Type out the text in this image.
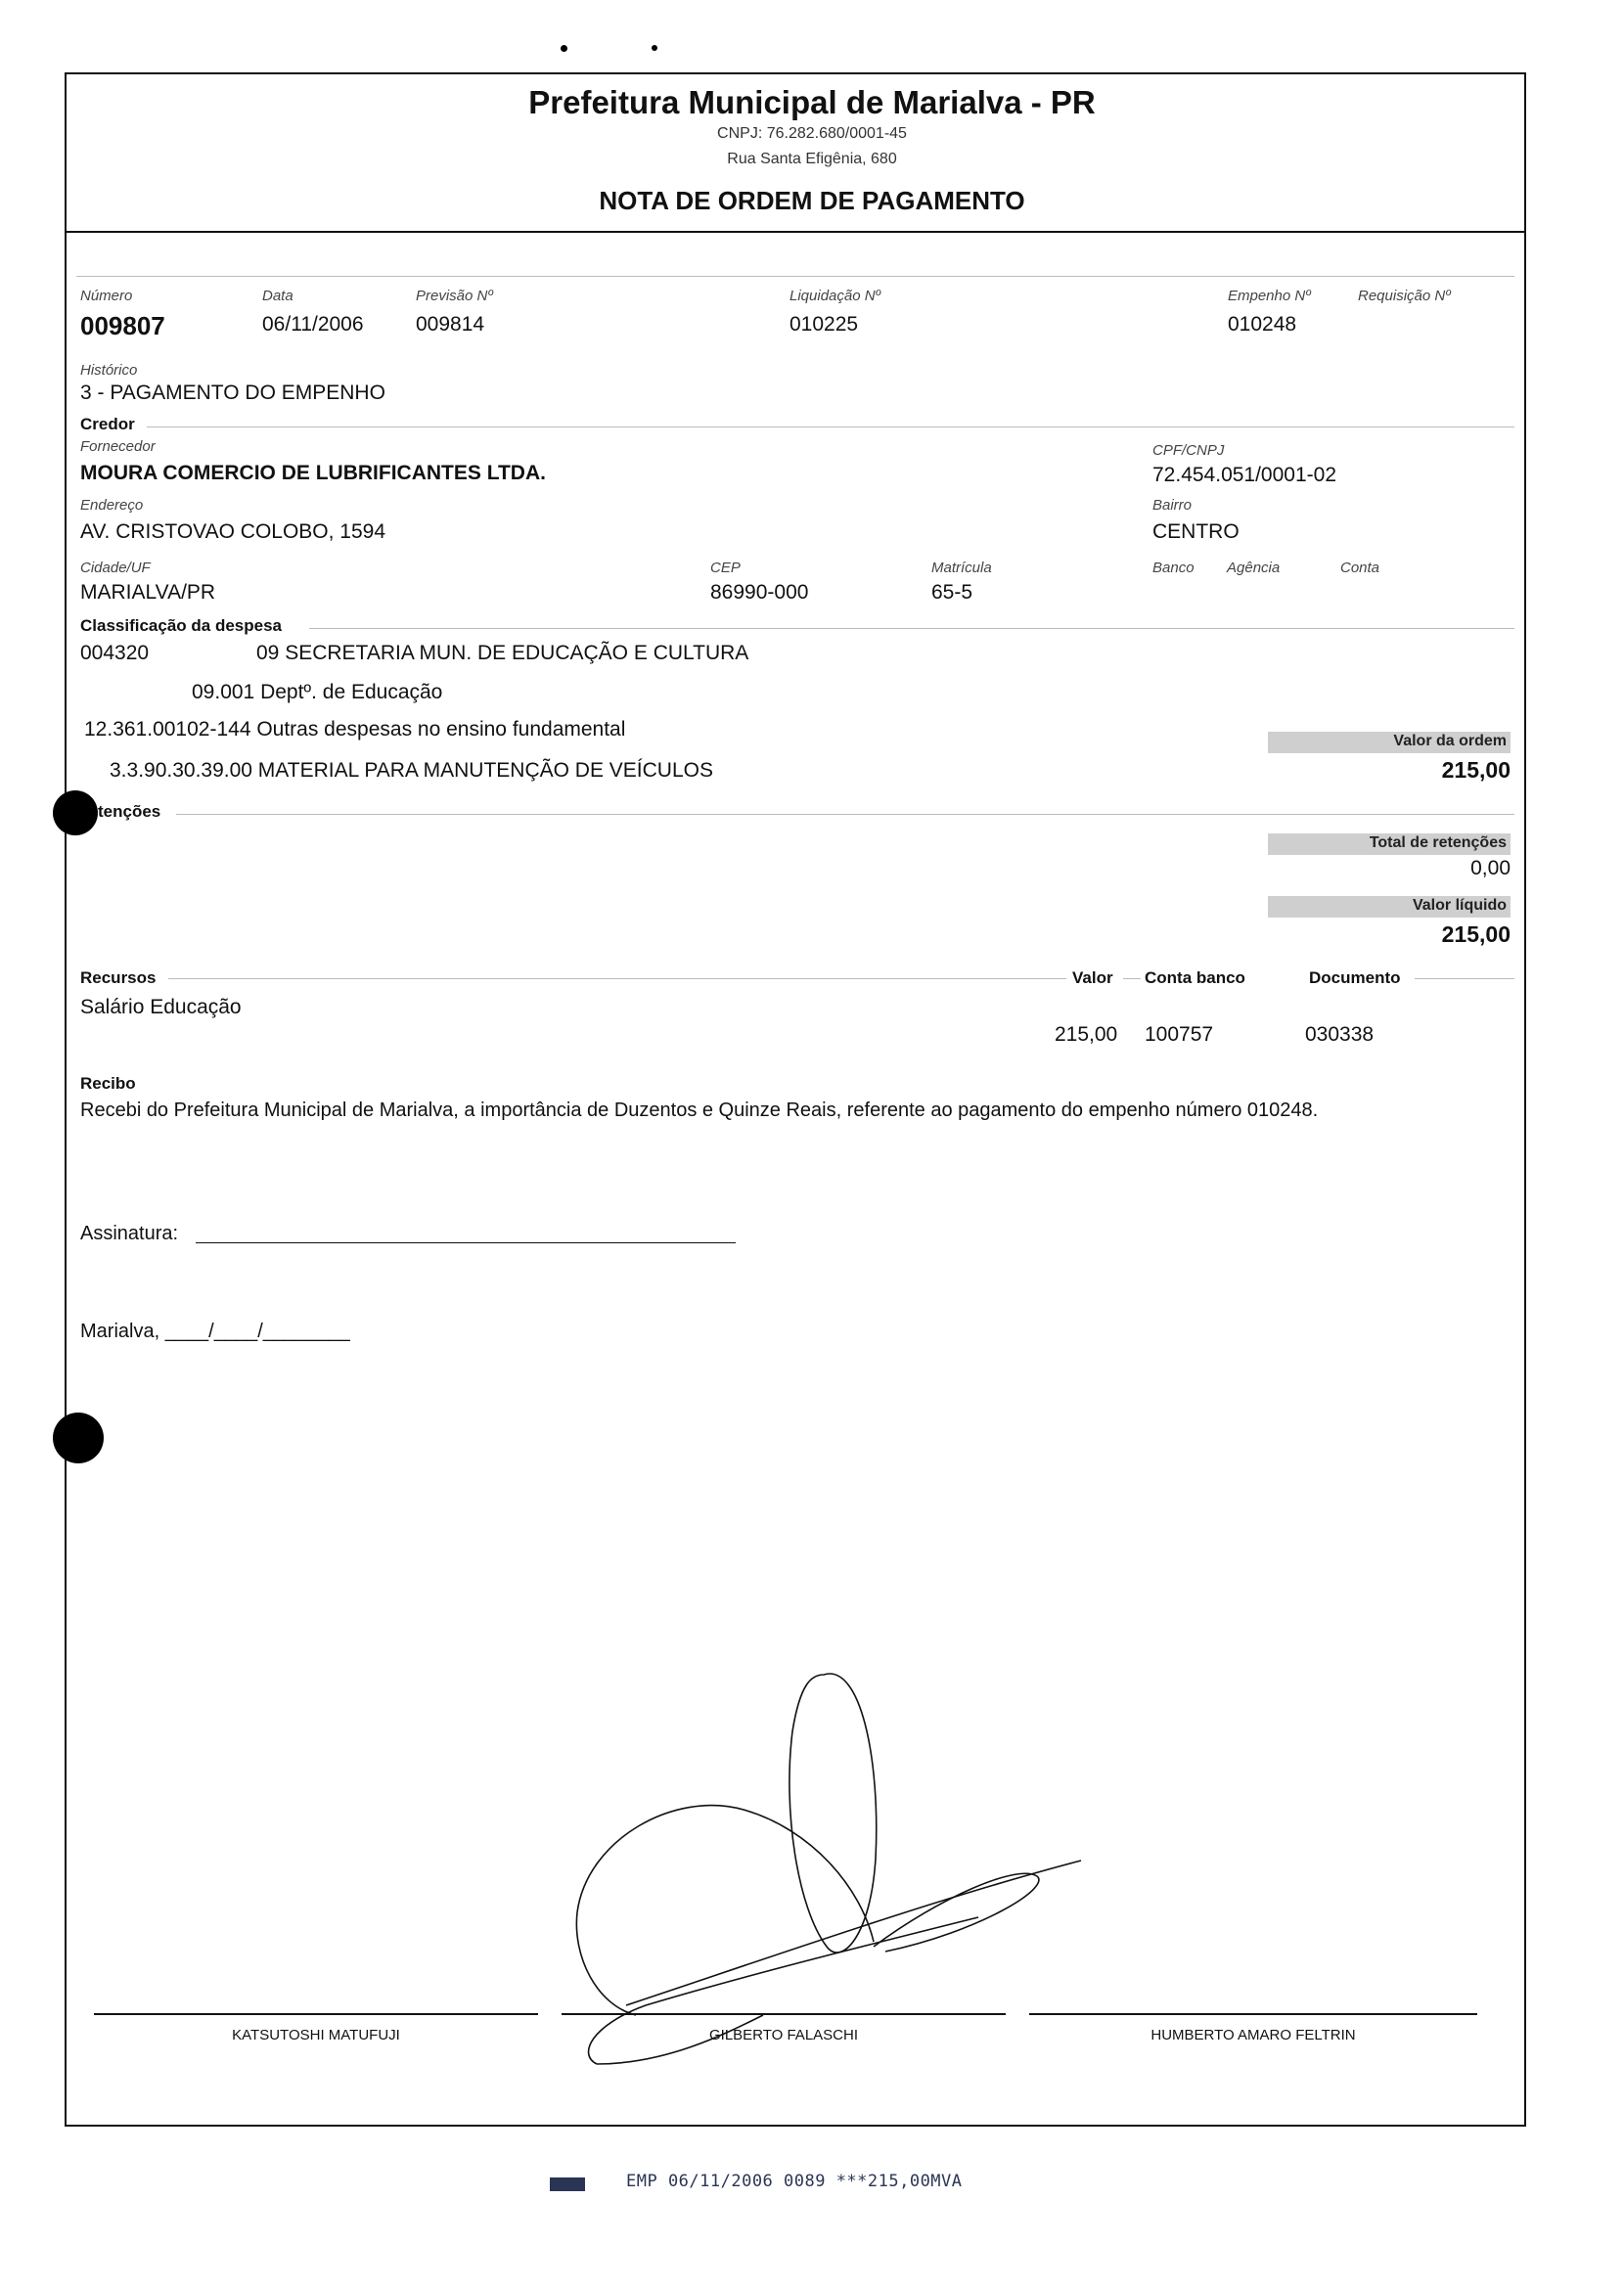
Prefeitura Municipal de Marialva - PR
CNPJ: 76.282.680/0001-45
Rua Santa Efigênia, 680
NOTA DE ORDEM DE PAGAMENTO
Número
009807
Data
06/11/2006
Previsão Nº
009814
Liquidação Nº
010225
Empenho Nº
010248
Requisição Nº
Histórico
3 - PAGAMENTO DO EMPENHO
Credor
Fornecedor
MOURA COMERCIO DE LUBRIFICANTES LTDA.
CPF/CNPJ
72.454.051/0001-02
Endereço
AV. CRISTOVAO COLOBO, 1594
Bairro
CENTRO
Cidade/UF
MARIALVA/PR
CEP
86990-000
Matrícula
65-5
Banco Agência	Conta
Classificação da despesa
004320	09 SECRETARIA MUN. DE EDUCAÇÃO E CULTURA
09.001 Deptº. de Educação
12.361.00102-144 Outras despesas no ensino fundamental
3.3.90.30.39.00 MATERIAL PARA MANUTENÇÃO DE VEÍCULOS
Valor da ordem
215,00
tenções
Total de retenções
0,00
Valor líquido
215,00
Recursos	Valor Conta banco	Documento
Salário Educação
215,00 100757	030338
Recibo
Recebi do Prefeitura Municipal de Marialva, a importância de Duzentos e Quinze Reais, referente ao pagamento do empenho número 010248.
Assinatura:
Marialva, ____/____/________
KATSUTOSHI MATUFUJI	GILBERTO FALASCHI	HUMBERTO AMARO FELTRIN
EMP 06/11/2006 0089 ***215,00MVA
